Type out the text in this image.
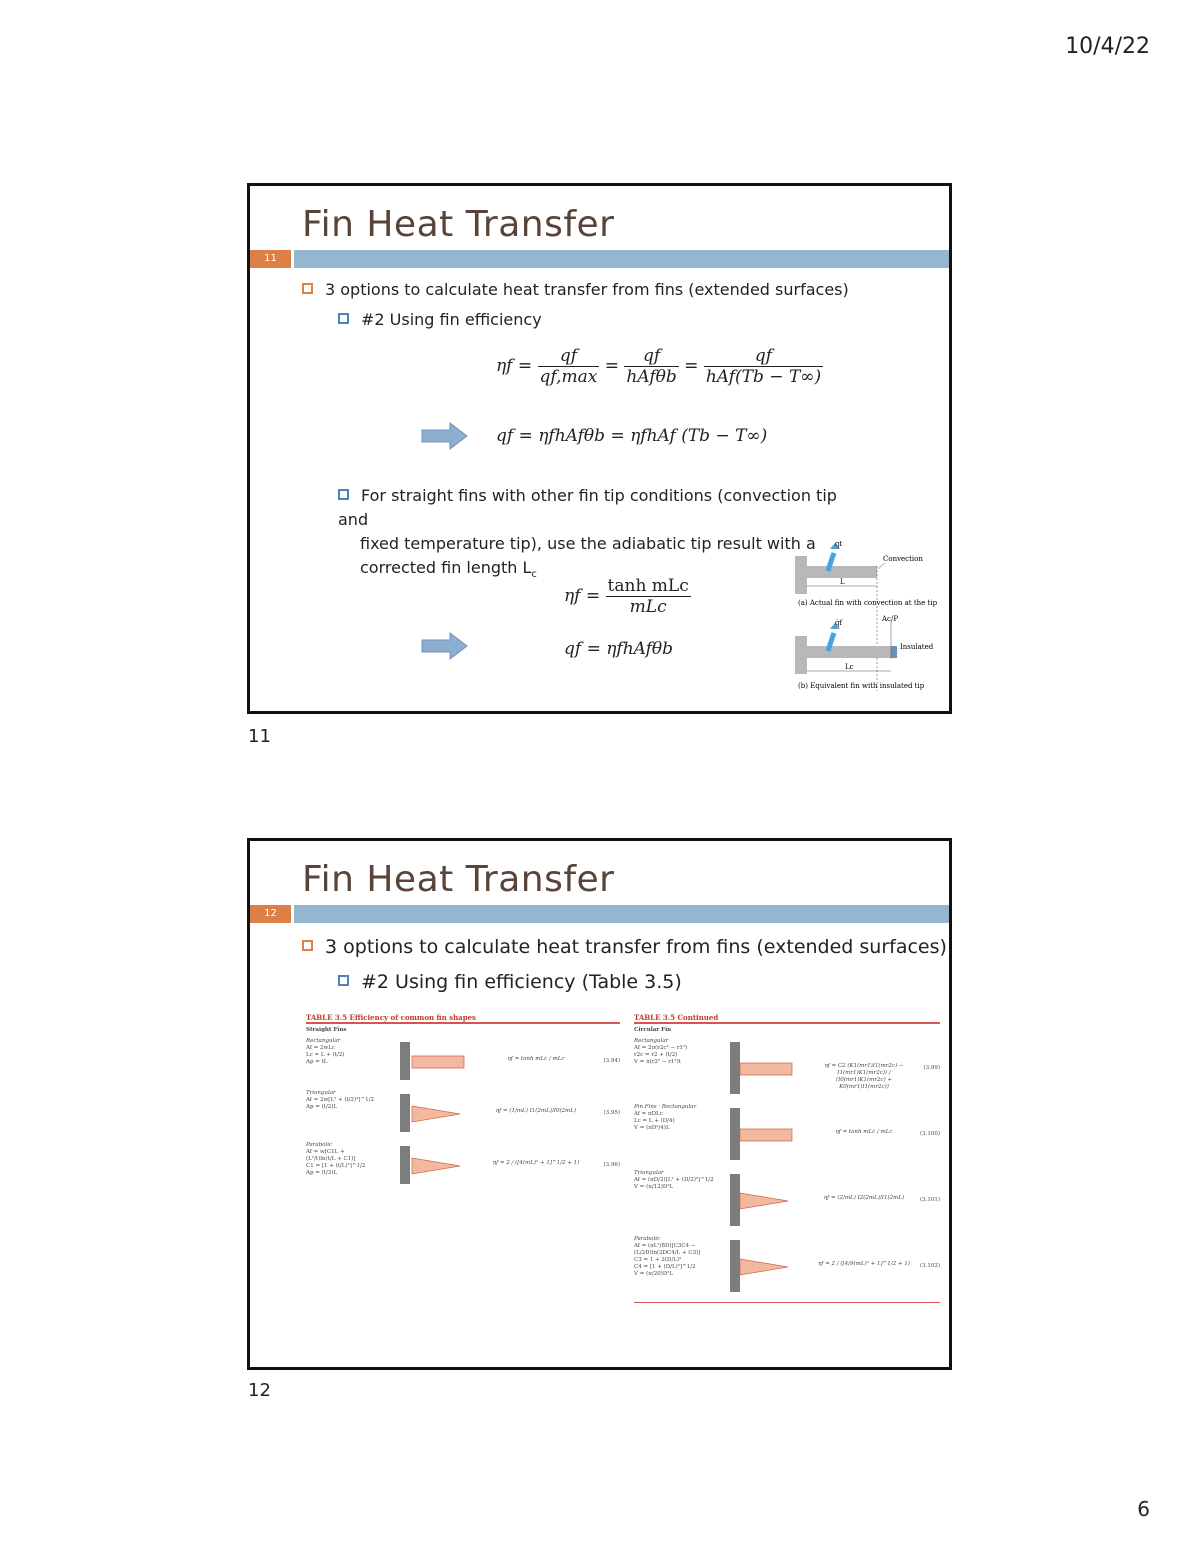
10/4/22
Fin Heat Transfer
11
3 options to calculate heat transfer from fins (extended surfaces)
#2 Using fin efficiency
$\eta f = \frac{qf}{qf,\max} = \frac{qf}{\text{hAfθb}} = \frac{qf}{\text{hAf(Tb − T∞)}}$
qf = ηfhAfθb = ηfhAf (Tb − T∞)
For straight fins with other fin tip conditions (convection tip and
fixed temperature tip), use the adiabatic tip result with a
corrected fin length $L_c$
$\eta f = \frac{\text{tanh mLc}}{\text{mLc}}$
qf = ηfhAfθb
q̇f
Convection
L
(a) Actual fin with convection at the tip
q̇f	Ac/P
Insulated
Lc
(b) Equivalent fin with insulated tip
11
Fin Heat Transfer
12
3 options to calculate heat transfer from fins (extended surfaces)
#2 Using fin efficiency (Table 3.5)
TABLE 3.5 Efficiency of common fin shapes
Straight Fins
Rectangular
Af = 2wLc
Lc = L + (t/2)
Ap = tL	ηf = tanh mLc / mLc	(3.94)
Triangular
Af = 2w[L² + (t/2)²]^1/2
Ap = (t/2)L
ηf = (1/mL) I1(2mL)/I0(2mL)	(3.95)
Parabolic
Af = w[C1L +
(L²/t)ln(t/L + C1)]
C1 = [1 + (t/L)²]^1/2
Ap = (t/3)L
ηf = 2 / ([4(mL)² + 1]^1/2 + 1)	(3.96)
TABLE 3.5 Continued
Circular Fin
Rectangular
Af = 2π(r2c² − r1²)
r2c = r2 + (t/2)
V = π(r2² − r1²)t
ηf = C2 (K1(mr1)I1(mr2c) − I1(mr1)K1(mr2c)) / (I0(mr1)K1(mr2c) + K0(mr1)I1(mr2c))
(3.99)
Pin Fins · Rectangular
Af = πDLc
Lc = L + (D/4)
V = (πD²/4)L
ηf = tanh mLc / mLc	(3.100)
Triangular
Af = (πD/2)[L² + (D/2)²]^1/2
V = (π/12)D²L
ηf = (2/mL) I2(2mL)/I1(2mL)	(3.101)
Parabolic
Af = (πL³/8D)[C3C4 −
(L/2D)ln(2DC4/L + C3)]
C3 = 1 + 2(D/L)²
C4 = [1 + (D/L)²]^1/2
V = (π/20)D²L
ηf = 2 / ([4/9(mL)² + 1]^1/2 + 1)	(3.102)
12
6
